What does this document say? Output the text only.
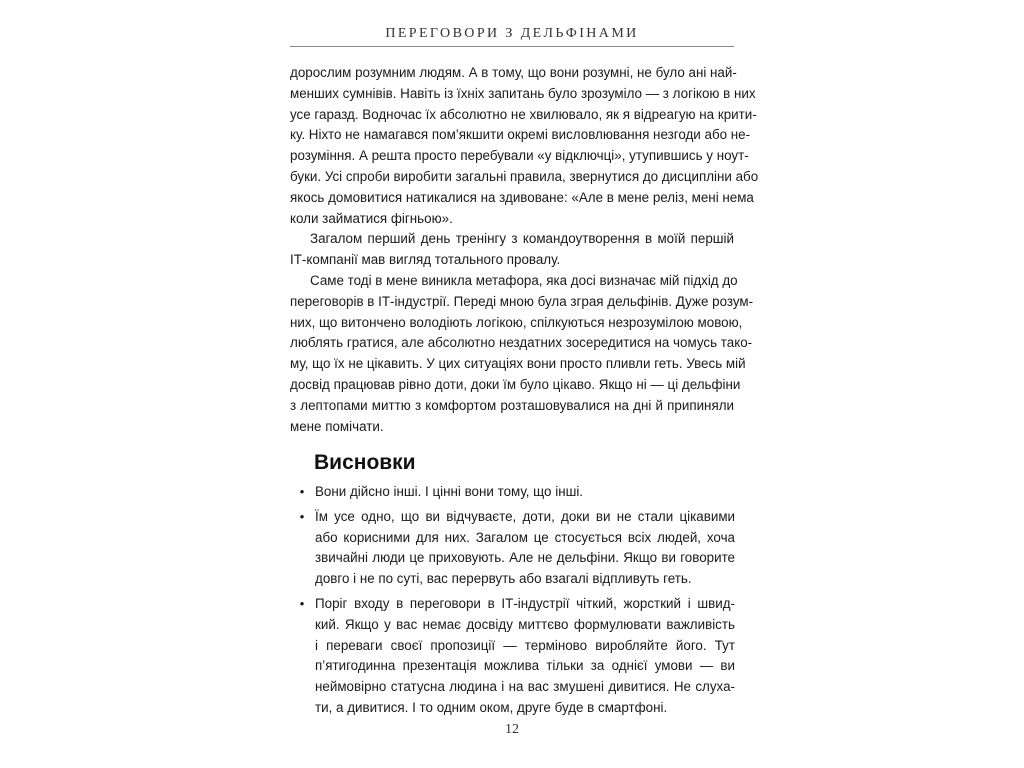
ПЕРЕГОВОРИ З ДЕЛЬФІНАМИ
дорослим розумним людям. А в тому, що вони розумні, не було ані най-
менших сумнівів. Навіть із їхніх запитань було зрозуміло — з логікою в них
усе гаразд. Водночас їх абсолютно не хвилювало, як я відреагую на крити-
ку. Ніхто не намагався пом’якшити окремі висловлювання незгоди або не-
розуміння. А решта просто перебували «у відключці», утупившись у ноут-
буки. Усі спроби виробити загальні правила, звернутися до дисципліни або
якось домовитися натикалися на здивоване: «Але в мене реліз, мені нема
коли займатися фігньою».
Загалом перший день тренінгу з командоутворення в моїй першій
ІТ-компанії мав вигляд тотального провалу.
Саме тоді в мене виникла метафора, яка досі визначає мій підхід до
переговорів в ІТ-індустрії. Переді мною була зграя дельфінів. Дуже розум-
них, що витончено володіють логікою, спілкуються незрозумілою мовою,
люблять гратися, але абсолютно нездатних зосередитися на чомусь тако-
му, що їх не цікавить. У цих ситуаціях вони просто пливли геть. Увесь мій
досвід працював рівно доти, доки їм було цікаво. Якщо ні — ці дельфіни
з лептопами миттю з комфортом розташовувалися на дні й припиняли
мене помічати.
Висновки
• Вони дійсно інші. І цінні вони тому, що інші.
• Їм усе одно, що ви відчуваєте, доти, доки ви не стали цікавими
або корисними для них. Загалом це стосується всіх людей, хоча
звичайні люди це приховують. Але не дельфіни. Якщо ви говорите
довго і не по суті, вас перервуть або взагалі відпливуть геть.
• Поріг входу в переговори в ІТ-індустрії чіткий, жорсткий і швид-
кий. Якщо у вас немає досвіду миттєво формулювати важливість
і переваги своєї пропозиції — терміново виробляйте його. Тут
п’ятигодинна презентація можлива тільки за однієї умови — ви
неймовірно статусна людина і на вас змушені дивитися. Не слуха-
ти, а дивитися. І то одним оком, друге буде в смартфоні.
12
